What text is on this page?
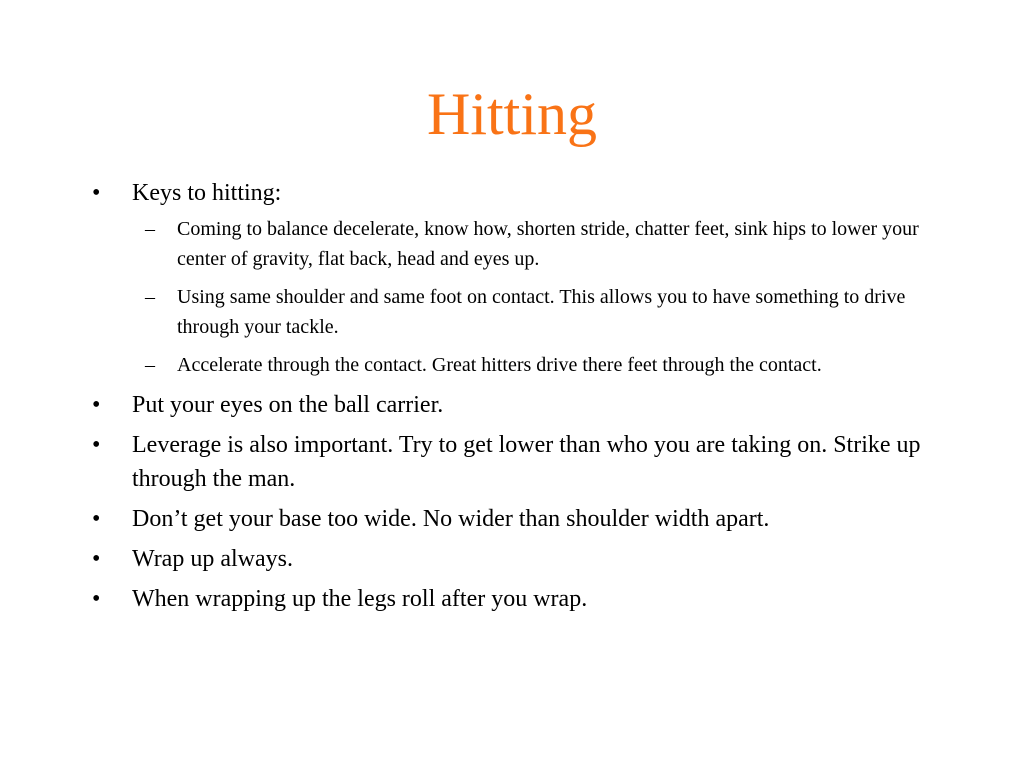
Hitting
•	Keys to hitting:
–	Coming to balance decelerate, know how, shorten stride, chatter feet, sink hips to lower your center of gravity, flat back, head and eyes up.
–	Using same shoulder and same foot on contact. This allows you to have something to drive through your tackle.
–	Accelerate through the contact. Great hitters drive there feet through the contact.
•	Put your eyes on the ball carrier.
•	Leverage is also important. Try to get lower than who you are taking on. Strike up through the man.
•	Don’t get your base too wide. No wider than shoulder width apart.
•	Wrap up always.
•	When wrapping up the legs roll after you wrap.
